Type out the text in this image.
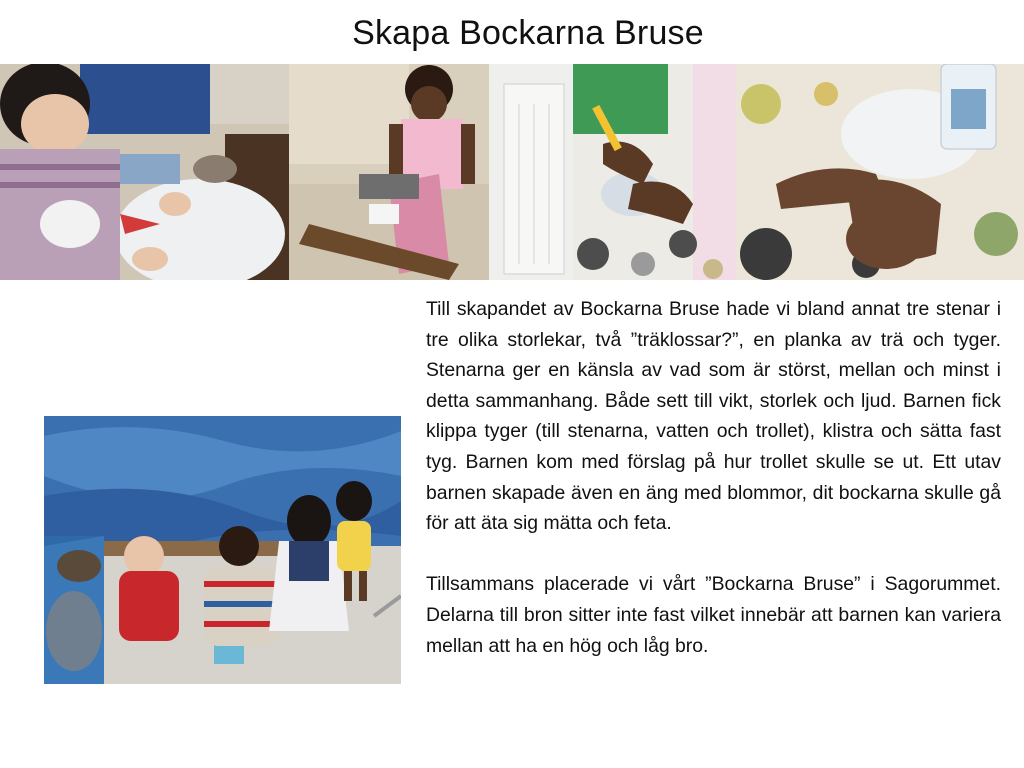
Skapa Bockarna Bruse

Till skapandet av Bockarna Bruse hade vi bland annat tre stenar i tre olika storlekar, två ”träklossar?”, en planka av trä och tyger. Stenarna ger en känsla av vad som är störst, mellan och minst i detta sammanhang. Både sett till vikt, storlek och ljud. Barnen fick klippa tyger (till stenarna, vatten och trollet), klistra och sätta fast tyg. Barnen kom med förslag på hur trollet skulle se ut. Ett utav barnen skapade även en äng med blommor, dit bockarna skulle gå för att äta sig mätta och feta.

Tillsammans placerade vi vårt ”Bockarna Bruse” i Sagorummet. Delarna till bron sitter inte fast vilket innebär att barnen kan variera mellan att ha en hög och låg bro.
